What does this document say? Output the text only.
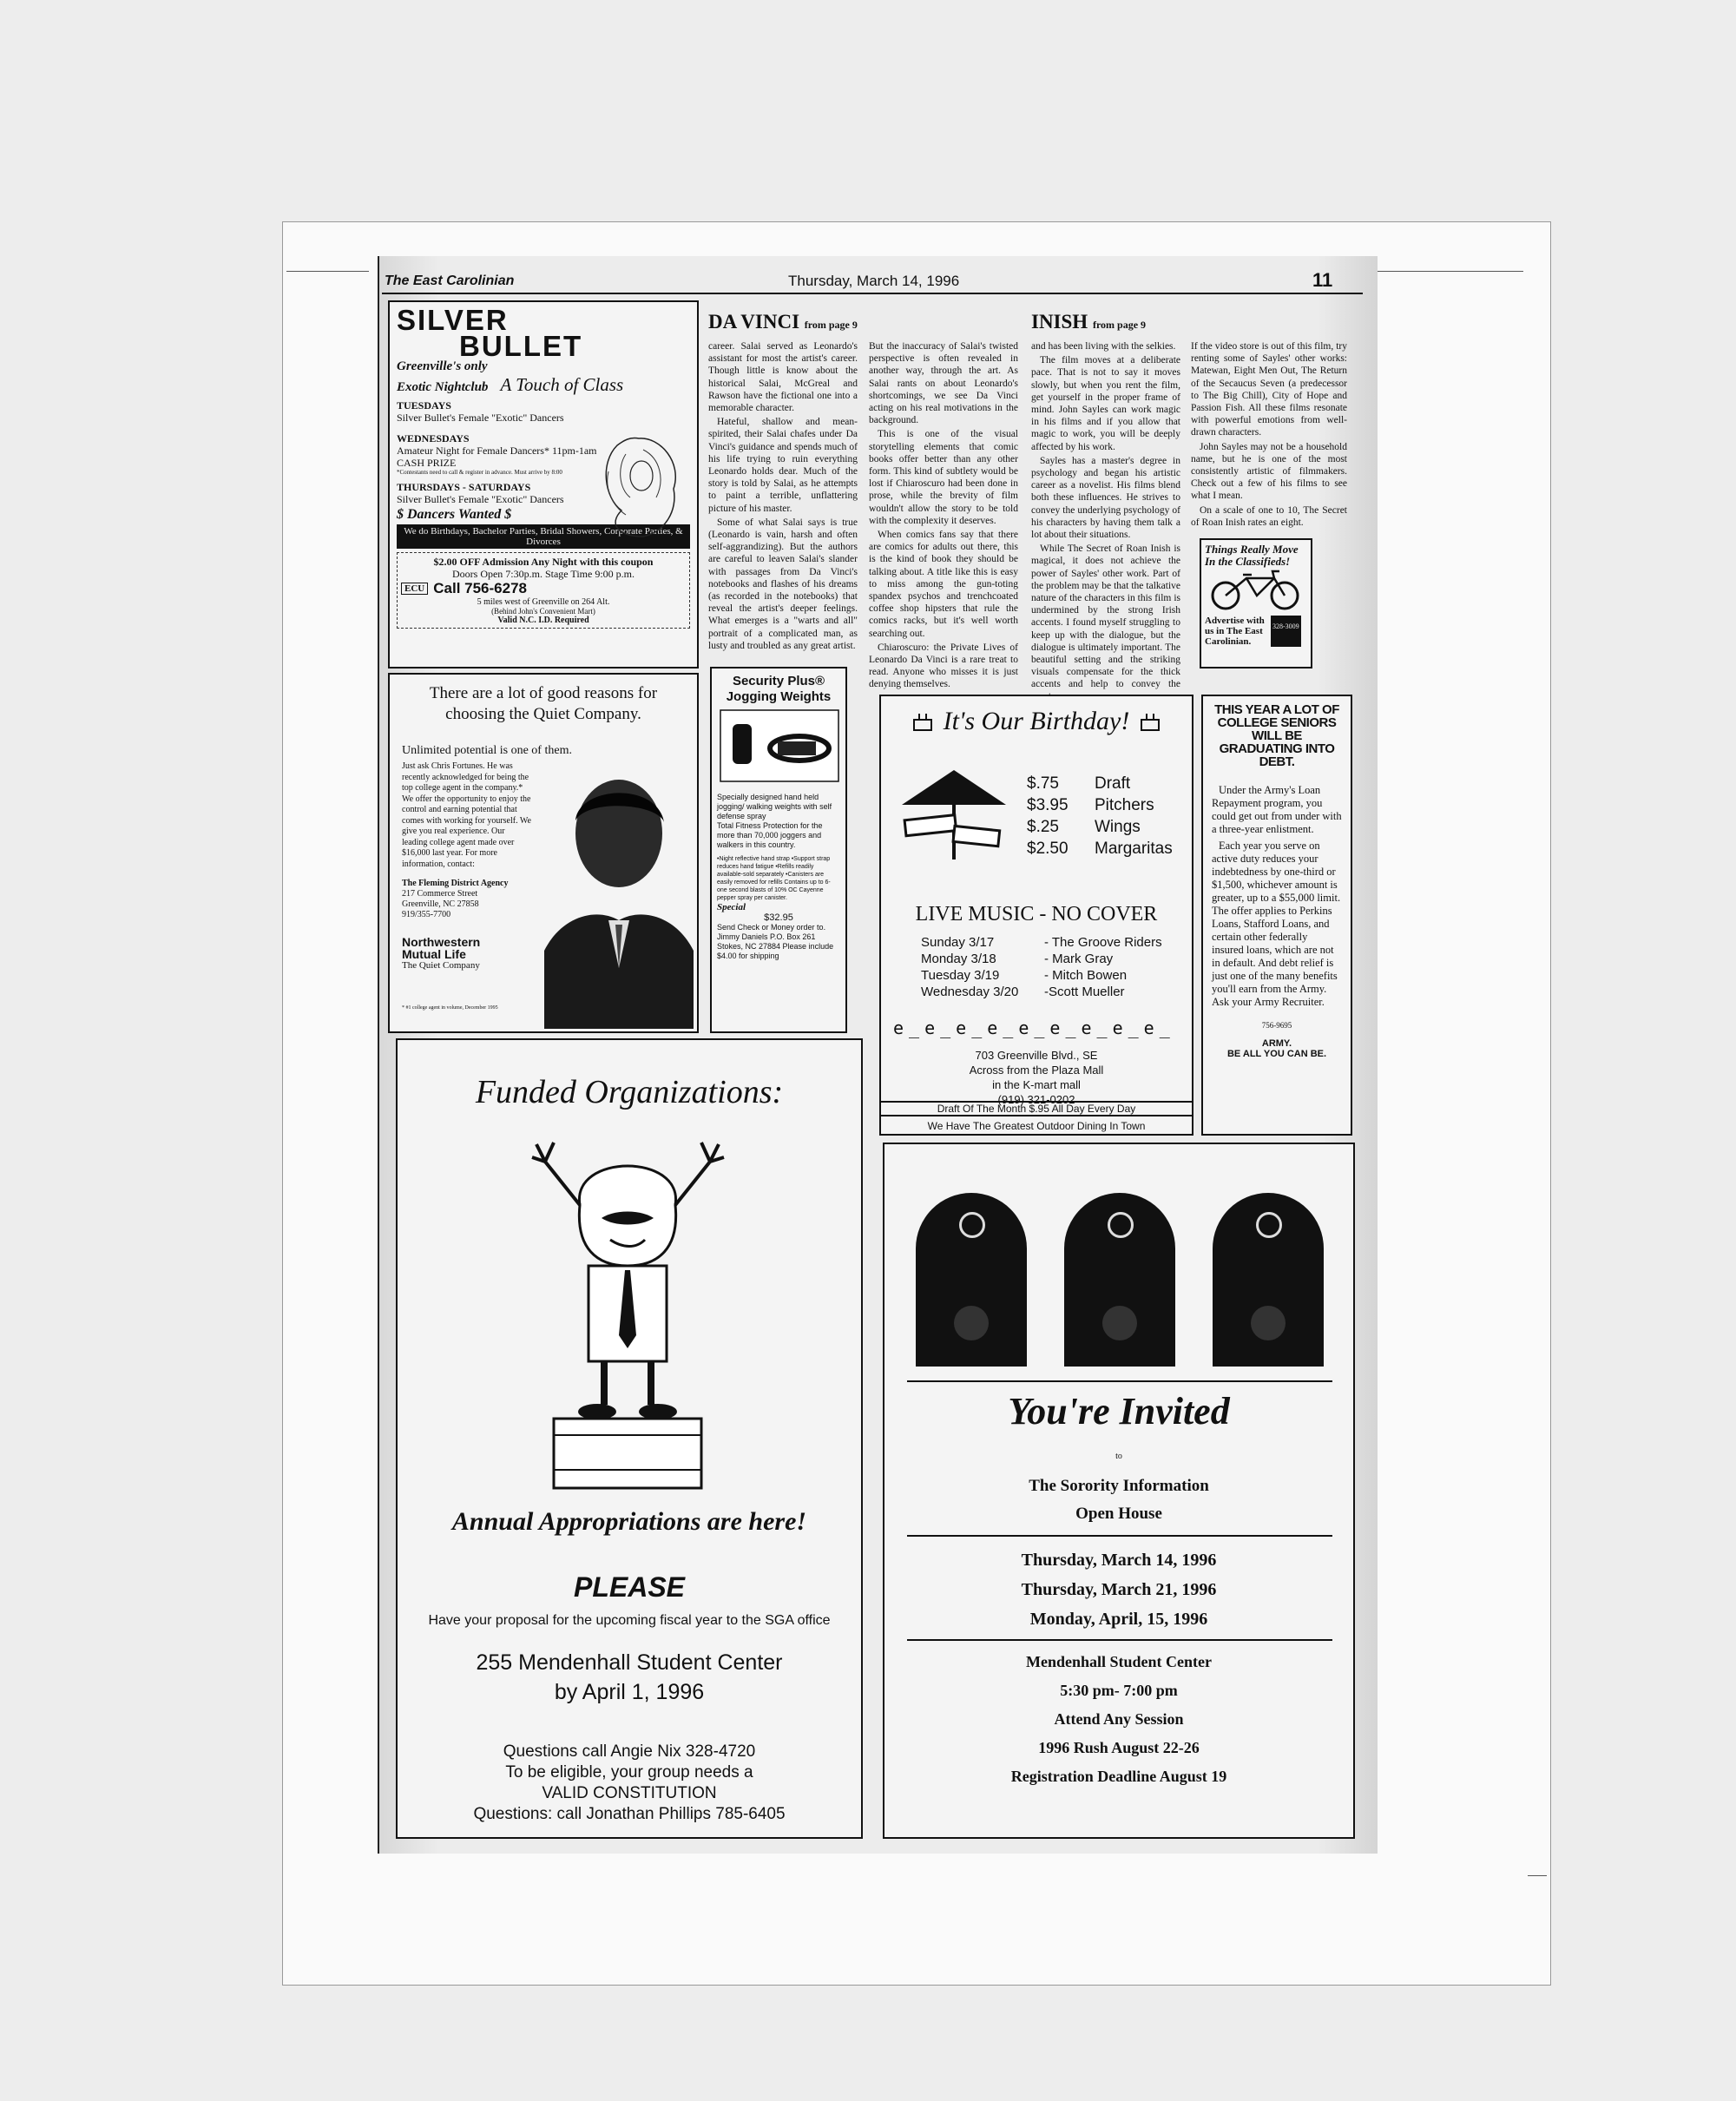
The East Carolinian	Thursday, March 14, 1996	11
SILVER
BULLET
Greenville's only
Exotic Nightclub A Touch of Class
TUESDAYS
Silver Bullet's Female "Exotic" Dancers
WEDNESDAYS
Amateur Night for Female Dancers* 11pm-1am
CASH PRIZE
*Contestants need to call & register in advance. Must arrive by 8:00
THURSDAYS - SATURDAYS
Silver Bullet's Female "Exotic" Dancers
$ Dancers Wanted $
We do Birthdays, Bachelor Parties, Bridal Showers, Corporate Parties, & Divorces
$2.00 OFF Admission Any Night with this coupon
Doors Open 7:30p.m. Stage Time 9:00 p.m.
ECU Call 756-6278
5 miles west of Greenville on 264 Alt.
(Behind John's Convenient Mart)
Valid N.C. I.D. Required
DA VINCI from page 9

career. Salai served as Leonardo's assistant for most the artist's career. Though little is know about the historical Salai, McGreal and Rawson have the fictional one into a memorable character.

Hateful, shallow and mean-spirited, their Salai chafes under Da Vinci's guidance and spends much of his life trying to ruin everything Leonardo holds dear. Much of the story is told by Salai, as he attempts to paint a terrible, unflattering picture of his master.

Some of what Salai says is true (Leonardo is vain, harsh and often self-aggrandizing). But the authors are careful to leaven Salai's slander with passages from Da Vinci's notebooks and flashes of his dreams (as recorded in the notebooks) that reveal the artist's deeper feelings. What emerges is a "warts and all" portrait of a complicated man, as lusty and troubled as any great artist.

But the inaccuracy of Salai's twisted perspective is often revealed in another way, through the art. As Salai rants on about Leonardo's shortcomings, we see Da Vinci acting on his real motivations in the background.

This is one of the visual storytelling elements that comic books offer better than any other form. This kind of subtlety would be lost if Chiaroscuro had been done in prose, while the brevity of film wouldn't allow the story to be told with the complexity it deserves.

When comics fans say that there are comics for adults out there, this is the kind of book they should be talking about. A title like this is easy to miss among the gun-toting spandex psychos and trenchcoated coffee shop hipsters that rule the comics racks, but it's well worth searching out.

Chiaroscuro: the Private Lives of Leonardo Da Vinci is a rare treat to read. Anyone who misses it is just denying themselves.

INISH from page 9

and has been living with the selkies.

The film moves at a deliberate pace. That is not to say it moves slowly, but when you rent the film, get yourself in the proper frame of mind. John Sayles can work magic in his films and if you allow that magic to work, you will be deeply affected by his work.

Sayles has a master's degree in psychology and began his artistic career as a novelist. His films blend both these influences. He strives to convey the underlying psychology of his characters by having them talk a lot about their situations.

While The Secret of Roan Inish is magical, it does not achieve the power of Sayles' other work. Part of the problem may be that the talkative nature of the characters in this film is undermined by the strong Irish accents. I found myself struggling to keep up with the dialogue, but the dialogue is ultimately important. The beautiful setting and the striking visuals compensate for the thick accents and help to convey the

If the video store is out of this film, try renting some of Sayles' other works: Matewan, Eight Men Out, The Return of the Secaucus Seven (a predecessor to The Big Chill), City of Hope and Passion Fish. All these films resonate with powerful emotions from well-drawn characters.

John Sayles may not be a household name, but he is one of the most consistently artistic of filmmakers. Check out a few of his films to see what I mean.

On a scale of one to 10, The Secret of Roan Inish rates an eight.

Things Really Move In the Classifieds!
Advertise with us in The East Carolinian.
328-3009
There are a lot of good reasons for choosing the Quiet Company.
Unlimited potential is one of them.
Just ask Chris Fortunes. He was recently acknowledged for being the top college agent in the company.* We offer the opportunity to enjoy the control and earning potential that comes with working for yourself. We give you real experience. Our leading college agent made over $16,000 last year. For more information, contact:
The Fleming District Agency
217 Commerce Street
Greenville, NC 27858
919/355-7700
Northwestern
Mutual Life
The Quiet Company
* #1 college agent in volume, December 1995
Security Plus® Jogging Weights
Specially designed hand held jogging/ walking weights with self defense spray
Total Fitness Protection for the more than 70,000 joggers and walkers in this country.
•Night reflective hand strap •Support strap reduces hand fatigue •Refills readily available-sold separately •Canisters are easily removed for refills Contains up to 6-one second blasts of 10% OC Cayenne pepper spray per canister.
Special
$32.95
Send Check or Money order to. Jimmy Daniels P.O. Box 261 Stokes, NC 27884 Please include $4.00 for shipping
It's Our Birthday!
$.75	Draft
$3.95	Pitchers
$.25	Wings
$2.50	Margaritas
LIVE MUSIC - NO COVER
Sunday 3/17	- The Groove Riders
Monday 3/18	- Mark Gray
Tuesday 3/19	- Mitch Bowen
Wednesday 3/20	-Scott Mueller
e_e_e_e_e_e_e_e_e_
703 Greenville Blvd., SE
Across from the Plaza Mall
in the K-mart mall
(919) 321-0202
Draft Of The Month $.95 All Day Every Day
We Have The Greatest Outdoor Dining In Town
THIS YEAR A LOT OF COLLEGE SENIORS WILL BE GRADUATING INTO DEBT.
Under the Army's Loan Repayment program, you could get out from under with a three-year enlistment.
Each year you serve on active duty reduces your indebtedness by one-third or $1,500, whichever amount is greater, up to a $55,000 limit. The offer applies to Perkins Loans, Stafford Loans, and certain other federally insured loans, which are not in default. And debt relief is just one of the many benefits you'll earn from the Army. Ask your Army Recruiter.
756-9695
ARMY.
BE ALL YOU CAN BE.
Funded Organizations:
Annual Appropriations are here!
PLEASE
Have your proposal for the upcoming fiscal year to the SGA office
255 Mendenhall Student Center
by April 1, 1996
Questions call Angie Nix 328-4720
To be eligible, your group needs a
VALID CONSTITUTION
Questions: call Jonathan Phillips 785-6405
You're Invited
to
The Sorority Information
Open House
Thursday, March 14, 1996
Thursday, March 21, 1996
Monday, April, 15, 1996
Mendenhall Student Center
5:30 pm- 7:00 pm
Attend Any Session
1996 Rush August 22-26
Registration Deadline August 19
